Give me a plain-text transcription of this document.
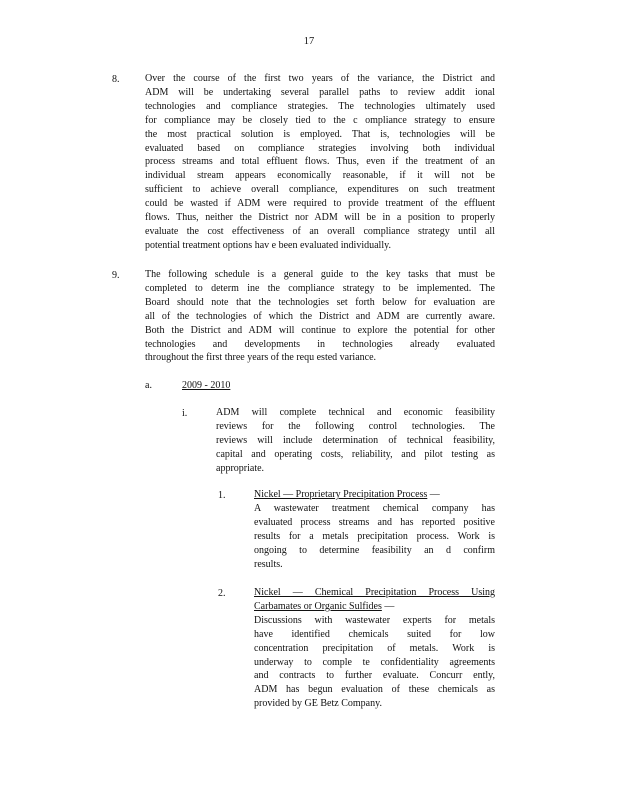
17
8.	Over the course of the first two years of the variance, the District and
ADM will be undertaking several parallel paths to review addit ional
technologies and compliance strategies. The technologies ultimately used
for compliance may be closely tied to the c ompliance strategy to ensure
the most practical solution is employed. That is, technologies will be
evaluated based on compliance strategies involving both individual
process streams and total effluent flows. Thus, even if the treatment of an
individual stream appears economically reasonable, if it will not be
sufficient to achieve overall compliance, expenditures on such treatment
could be wasted if ADM were required to provide treatment of the effluent
flows. Thus, neither the District nor ADM will be in a position to properly
evaluate the cost effectiveness of an overall compliance strategy until all
potential treatment options hav e been evaluated individually.
9.	The following schedule is a general guide to the key tasks that must be
completed to determ ine the compliance strategy to be implemented. The
Board should note that the technologies set forth below for evaluation are
all of the technologies of which the District and ADM are currently aware.
Both the District and ADM will continue to explore the potential for other
technologies and developments in technologies already evaluated
throughout the first three years of the requ ested variance.
a.	2009 - 2010
i.	ADM will complete technical and economic feasibility
reviews for the following control technologies. The
reviews will include determination of technical feasibility,
capital and operating costs, reliability, and pilot testing as
appropriate.
1.	Nickel — Proprietary Precipitation Process —
A wastewater treatment chemical company has
evaluated process streams and has reported positive
results for a metals precipitation process. Work is
ongoing to determine feasibility an d confirm
results.
2.	Nickel — Chemical Precipitation Process Using
Carbamates or Organic Sulfides —
Discussions with wastewater experts for metals
have identified chemicals suited for low
concentration precipitation of metals. Work is
underway to comple te confidentiality agreements
and contracts to further evaluate. Concurr ently,
ADM has begun evaluation of these chemicals as
provided by GE Betz Company.
